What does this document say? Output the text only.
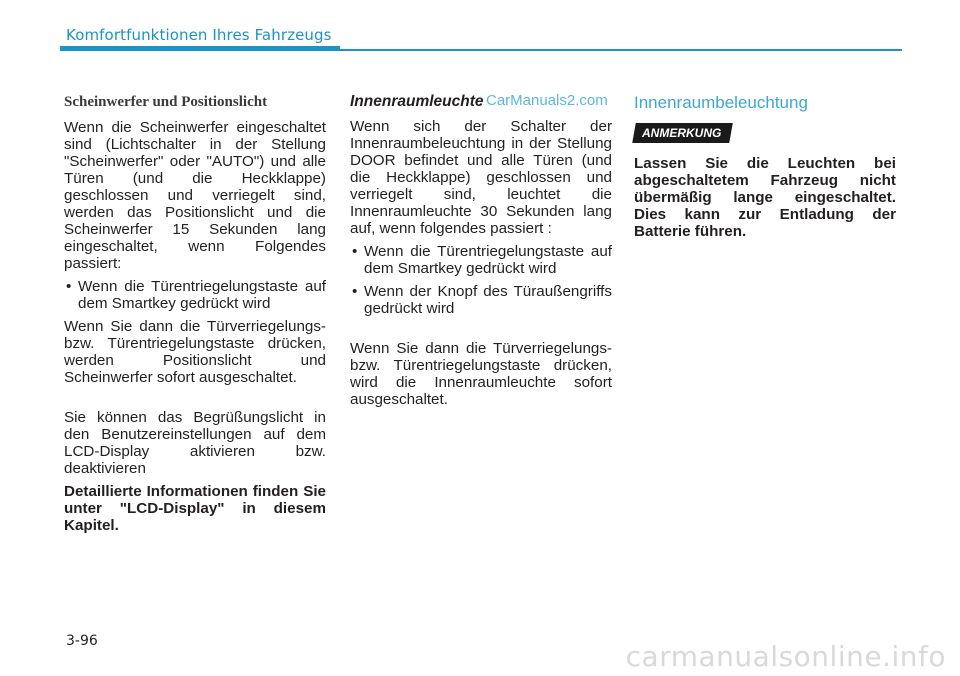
Komfortfunktionen Ihres Fahrzeugs
Scheinwerfer und Positionslicht

Wenn die Scheinwerfer eingeschaltet sind (Lichtschalter in der Stellung "Scheinwerfer" oder "AUTO") und alle Türen (und die Heckklappe) geschlossen und verriegelt sind, werden das Positionslicht und die Scheinwerfer 15 Sekunden lang eingeschaltet, wenn Folgendes passiert:

• Wenn die Türentriegelungstaste auf dem Smartkey gedrückt wird

Wenn Sie dann die Türverriegelungs- bzw. Türentriegelungstaste drücken, werden Positionslicht und Scheinwerfer sofort ausgeschaltet.

Sie können das Begrüßungslicht in den Benutzereinstellungen auf dem LCD-Display aktivieren bzw. deaktivieren

Detaillierte Informationen finden Sie unter "LCD-Display" in diesem Kapitel.

Innenraumleuchte

Wenn sich der Schalter der Innenraumbeleuchtung in der Stellung DOOR befindet und alle Türen (und die Heckklappe) geschlossen und verriegelt sind, leuchtet die Innenraumleuchte 30 Sekunden lang auf, wenn folgendes passiert :

• Wenn die Türentriegelungstaste auf dem Smartkey gedrückt wird
• Wenn der Knopf des Türaußengriffs gedrückt wird

Wenn Sie dann die Türverriegelungs- bzw. Türentriegelungstaste drücken, wird die Innenraumleuchte sofort ausgeschaltet.

Innenraumbeleuchtung
ANMERKUNG

Lassen Sie die Leuchten bei abgeschaltetem Fahrzeug nicht übermäßig lange eingeschaltet. Dies kann zur Entladung der Batterie führen.

CarManuals2.com
3-96	carmanualsonline.info
